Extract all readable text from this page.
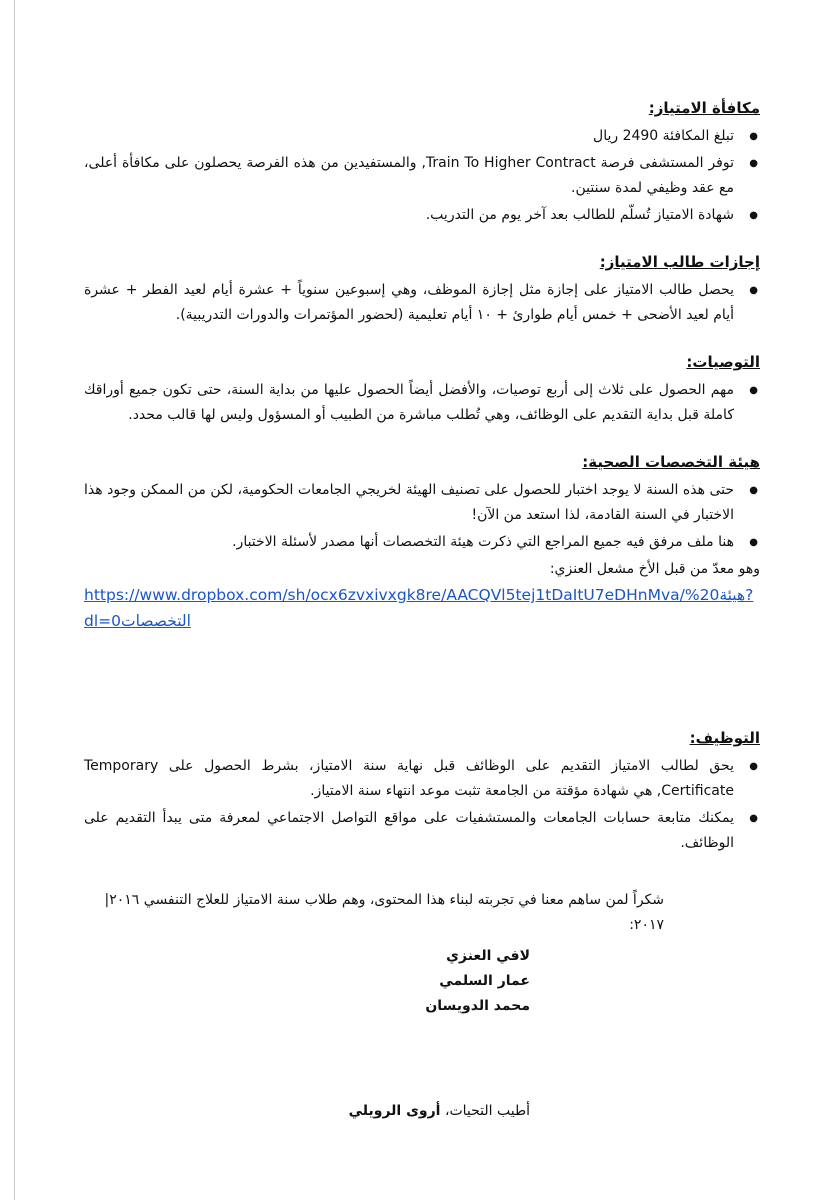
مكافأة الامتياز:
● تبلغ المكافئة 2490 ريال
● توفر المستشفى فرصة Train To Higher Contract, والمستفيدين من هذه الفرصة يحصلون على مكافأة أعلى، مع عقد وظيفي لمدة سنتين.
● شهادة الامتياز تُسلّم للطالب بعد آخر يوم من التدريب.
إجازات طالب الامتياز:
● يحصل طالب الامتياز على إجازة مثل إجازة الموظف، وهي إسبوعين سنوياً + عشرة أيام لعيد الفطر + عشرة أيام لعيد الأضحى + خمس أيام طوارئ + ١٠ أيام تعليمية (لحضور المؤتمرات والدورات التدريبية).
التوصيات:
● مهم الحصول على ثلاث إلى أربع توصيات، والأفضل أيضاً الحصول عليها من بداية السنة، حتى تكون جميع أوراقك كاملة قبل بداية التقديم على الوظائف، وهي تُطلب مباشرة من الطبيب أو المسؤول وليس لها قالب محدد.
هيئة التخصصات الصحية:
● حتى هذه السنة لا يوجد اختبار للحصول على تصنيف الهيئة لخريجي الجامعات الحكومية، لكن من الممكن وجود هذا الاختبار في السنة القادمة، لذا استعد من الآن!
● هنا ملف مرفق فيه جميع المراجع التي ذكرت هيئة التخصصات أنها مصدر لأسئلة الاختبار.
وهو معدّ من قبل الأخ مشعل العنزي:
https://www.dropbox.com/sh/ocx6zvxivxgk8re/AACQVl5tej1tDaItU7eDHnMva/%هيئة20?dl=0التخصصات
التوظيف:
● يحق لطالب الامتياز التقديم على الوظائف قبل نهاية سنة الامتياز، بشرط الحصول على Temporary Certificate, هي شهادة مؤقتة من الجامعة تثبت موعد انتهاء سنة الامتياز.
● يمكنك متابعة حسابات الجامعات والمستشفيات على مواقع التواصل الاجتماعي لمعرفة متى يبدأ التقديم على الوظائف.
شكراً لمن ساهم معنا في تجربته لبناء هذا المحتوى، وهم طلاب سنة الامتياز للعلاج التنفسي ٢٠١٦|٢٠١٧:
لافي العنزي
عمار السلمي
محمد الدويسان
أطيب التحيات، أروى الرويلي
